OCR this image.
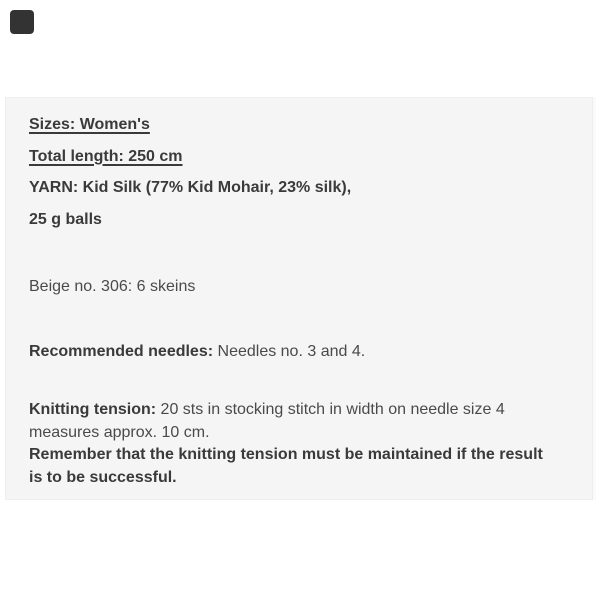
Sizes: Women's

Total length: 250 cm

YARN: Kid Silk (77% Kid Mohair, 23% silk),

25 g balls

Beige no. 306: 6 skeins

Recommended needles: Needles no. 3 and 4.

Knitting tension: 20 sts in stocking stitch in width on needle size 4
measures approx. 10 cm.
Remember that the knitting tension must be maintained if the result
is to be successful.
